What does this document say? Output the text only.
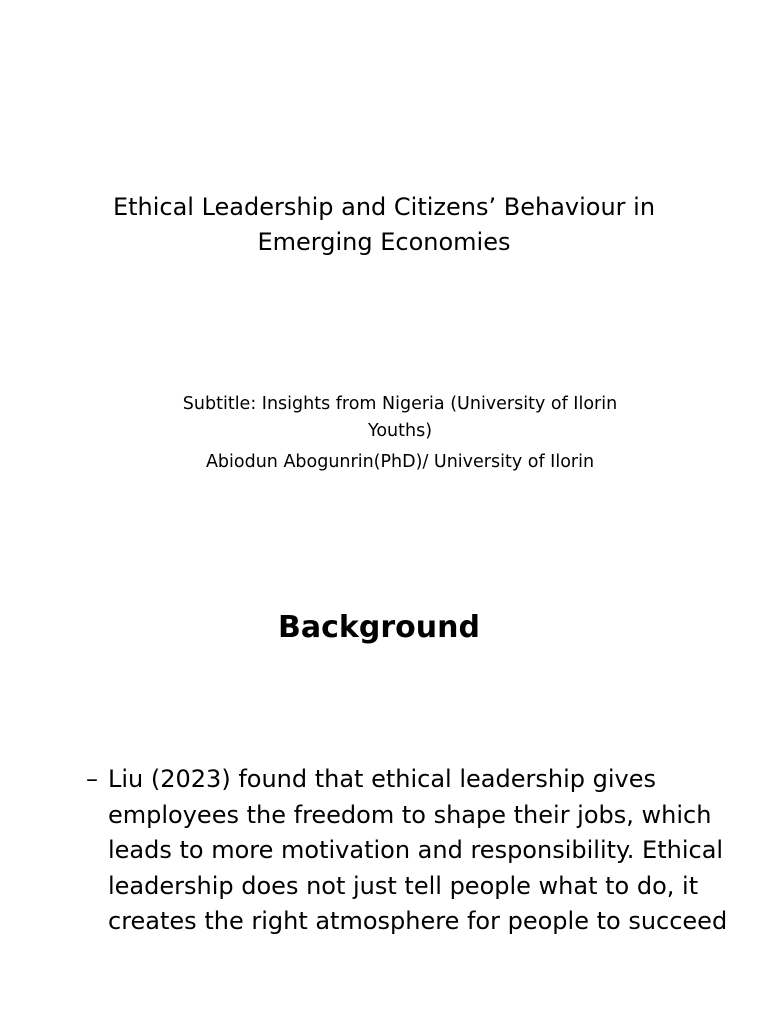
Ethical Leadership and Citizens’ Behaviour in Emerging Economies
Subtitle: Insights from Nigeria (University of Ilorin Youths)
Abiodun Abogunrin(PhD)/ University of Ilorin
Background
– Liu (2023) found that ethical leadership gives employees the freedom to shape their jobs, which leads to more motivation and responsibility. Ethical leadership does not just tell people what to do, it creates the right atmosphere for people to succeed
